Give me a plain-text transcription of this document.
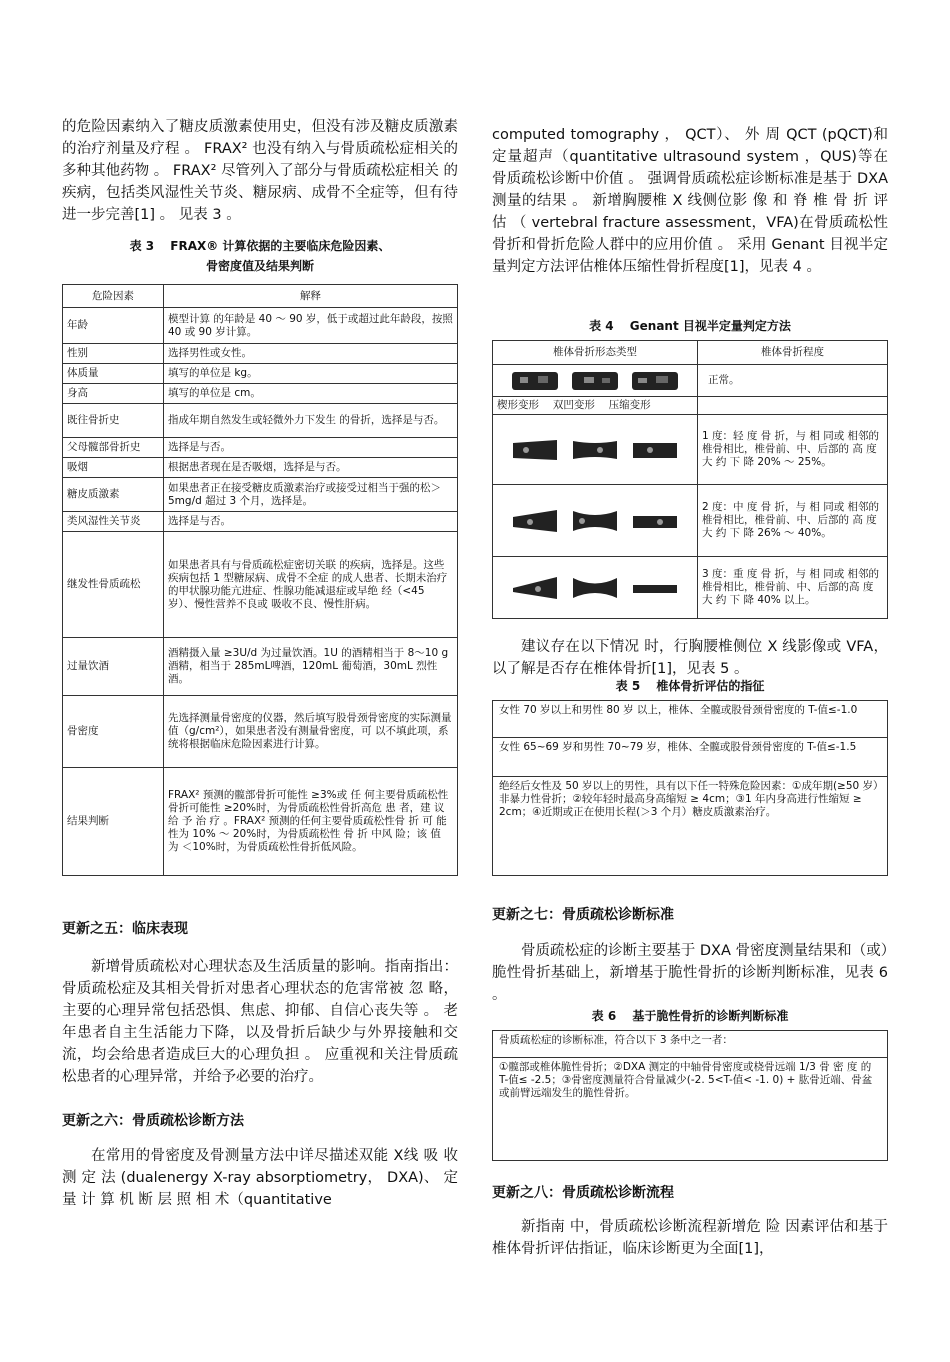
的危险因素纳入了糖皮质激素使用史，但没有涉及糖皮质激素的治疗剂量及疗程 。 FRAX² 也没有纳入与骨质疏松症相关的多种其他药物 。 FRAX² 尽管列入了部分与骨质疏松症相关 的疾病，包括类风湿性关节炎、糖尿病、成骨不全症等，但有待进一步完善[1] 。 见表 3 。

表 3　 FRAX® 计算依据的主要临床危险因素、

骨密度值及结果判断

危险因素	解释
年龄	模型计算 的年龄是 40 ～ 90 岁，低于或超过此年龄段，按照 40 或 90 岁计算。
性别	选择男性或女性。
体质量	填写的单位是 kg。
身高	填写的单位是 cm。
既往骨折史	指成年期自然发生或轻微外力下发生 的骨折，选择是与否。
父母髋部骨折史	选择是与否。
吸烟	根据患者现在是否吸烟，选择是与否。
糖皮质激素	如果患者正在接受糖皮质激素治疗或接受过相当于强的松＞5mg/d 超过 3 个月，选择是。
类风湿性关节炎	选择是与否。
继发性骨质疏松	如果患者具有与骨质疏松症密切关联 的疾病，选择是。这些疾病包括 1 型糖尿病、成骨不全症 的成人患者、长期未治疗的甲状腺功能亢进症、性腺功能减退症或早绝 经（<45 岁）、慢性营养不良或 吸收不良、慢性肝病。
过量饮酒	酒精摄入量 ≥3U/d 为过量饮酒。1U 的酒精相当于 8～10 g 酒精，相当于 285mL啤酒，120mL 葡萄酒，30mL 烈性酒。
骨密度	先选择测量骨密度的仪器，然后填写股骨颈骨密度的实际测量值（g/cm²），如果患者没有测量骨密度，可 以不填此项，系统将根据临床危险因素进行计算。
结果判断	FRAX² 预测的髋部骨折可能性 ≥3%或 任 何主要骨质疏松性骨折可能性 ≥20%时，为骨质疏松性骨折高危 患 者，建 议 给 予 治 疗 。FRAX² 预测的任何主要骨质疏松性骨 折 可 能性为 10% ～ 20%时，为骨质疏松性 骨 折 中风 险；该 值 为 ＜10%时，为骨质疏松性骨折低风险。

更新之五：临床表现

新增骨质疏松对心理状态及生活质量的影响。指南指出：骨质疏松症及其相关骨折对患者心理状态的危害常被 忽 略，主要的心理异常包括恐惧、焦虑、抑郁、自信心丧失等 。 老年患者自主生活能力下降，以及骨折后缺少与外界接触和交流，均会给患者造成巨大的心理负担 。 应重视和关注骨质疏松患者的心理异常，并给予必要的治疗。

更新之六：骨质疏松诊断方法

在常用的骨密度及骨测量方法中详尽描述双能 X线 吸 收 测 定 法 (dualenergy X-ray absorptiometry， DXA)、 定 量 计 算 机 断 层 照 相 术（quantitative

computed tomography ， QCT）、 外 周 QCT (pQCT)和定量超声（quantitative ultrasound system ，QUS)等在骨质疏松诊断中价值 。 强调骨质疏松症诊断标准是基于 DXA 测量的结果 。 新增胸腰椎 X 线侧位影 像 和 脊 椎 骨 折 评 估 （ vertebral fracture assessment，VFA)在骨质疏松性骨折和骨折危险人群中的应用价值 。 采用 Genant 目视半定量判定方法评估椎体压缩性骨折程度[1]，见表 4 。

表 4　 Genant 目视半定量判定方法

椎体骨折形态类型	椎体骨折程度

	正常。
楔形变形　 双凹变形　 压缩变形	

	1 度：轻 度 骨 折，与 相 同或 相邻的椎骨相比，椎骨前、中、后部的 高 度 大 约 下 降 20% ～ 25%。

	2 度：中 度 骨 折，与 相 同或 相邻的椎骨相比，椎骨前、中、后部的 高 度 大 约 下 降 26% ～ 40%。

	3 度：重 度 骨 折，与 相 同或 相邻的椎骨相比，椎骨前、中、后部的高 度 大 约 下 降 40% 以上。

建议存在以下情况 时，行胸腰椎侧位 X 线影像或 VFA，以了解是否存在椎体骨折[1]，见表 5 。

表 5　 椎体骨折评估的指征

女性 70 岁以上和男性 80 岁 以上，椎体、全髋或股骨颈骨密度的 T-值≤-1.0
女性 65~69 岁和男性 70~79 岁，椎体、全髋或股骨颈骨密度的 T-值≤-1.5
绝经后女性及 50 岁以上的男性，具有以下任一特殊危险因素：①成年期(≥50 岁）非暴力性骨折；②较年轻时最高身高缩短 ≥ 4cm；③1 年内身高进行性缩短 ≥ 2cm；④近期或正在使用长程(＞3 个月）糖皮质激素治疗。

更新之七：骨质疏松诊断标准

骨质疏松症的诊断主要基于 DXA 骨密度测量结果和（或）脆性骨折基础上，新增基于脆性骨折的诊断判断标准，见表 6 。

表 6　 基于脆性骨折的诊断判断标准

骨质疏松症的诊断标准，符合以下 3 条中之一者：
①髋部或椎体脆性骨折；②DXA 测定的中轴骨骨密度或桡骨远端 1/3 骨 密 度 的 T-值≤ -2.5；③骨密度测量符合骨量减少(-2. 5<T-值< -1. 0) + 肱骨近端、骨盆或前臂远端发生的脆性骨折。

更新之八：骨质疏松诊断流程

新指南 中，骨质疏松诊断流程新增危 险 因素评估和基于椎体骨折评估指证，临床诊断更为全面[1]，
